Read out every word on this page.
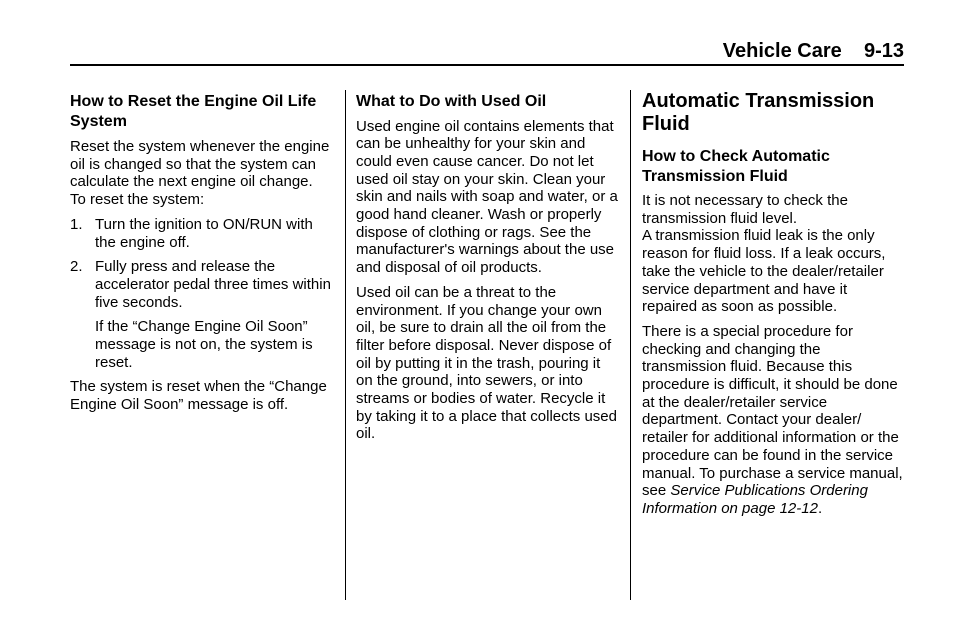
Vehicle Care 9-13
How to Reset the Engine Oil Life System

Reset the system whenever the engine oil is changed so that the system can calculate the next engine oil change. To reset the system:

1. Turn the ignition to ON/RUN with the engine off.
2. Fully press and release the accelerator pedal three times within five seconds.

If the “Change Engine Oil Soon” message is not on, the system is reset.

The system is reset when the “Change Engine Oil Soon” message is off.

What to Do with Used Oil

Used engine oil contains elements that can be unhealthy for your skin and could even cause cancer. Do not let used oil stay on your skin. Clean your skin and nails with soap and water, or a good hand cleaner. Wash or properly dispose of clothing or rags. See the manufacturer's warnings about the use and disposal of oil products.

Used oil can be a threat to the environment. If you change your own oil, be sure to drain all the oil from the filter before disposal. Never dispose of oil by putting it in the trash, pouring it on the ground, into sewers, or into streams or bodies of water. Recycle it by taking it to a place that collects used oil.

Automatic Transmission Fluid
How to Check Automatic Transmission Fluid

It is not necessary to check the transmission fluid level.

A transmission fluid leak is the only reason for fluid loss. If a leak occurs, take the vehicle to the dealer/retailer service department and have it repaired as soon as possible.

There is a special procedure for checking and changing the transmission fluid. Because this procedure is difficult, it should be done at the dealer/retailer service department. Contact your dealer/ retailer for additional information or the procedure can be found in the service manual. To purchase a service manual, see Service Publications Ordering Information on page 12-12.
